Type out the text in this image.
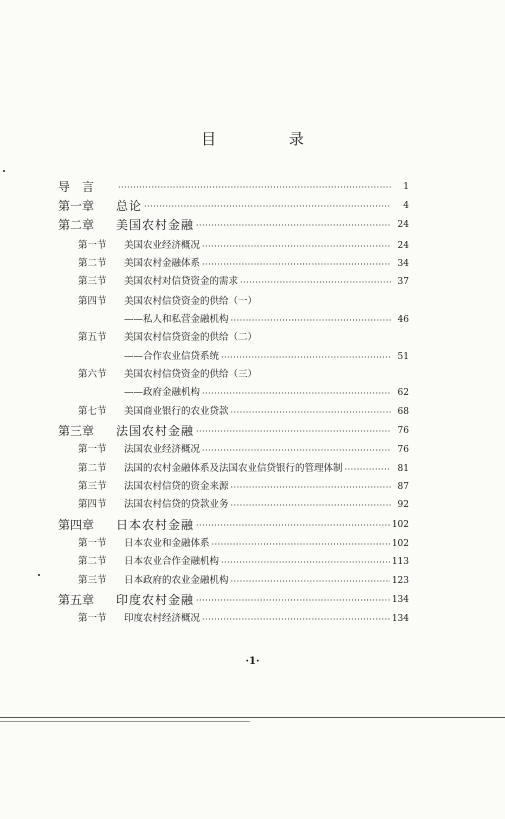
目 录
导　言 ·····	1
第一章	总论 ·····	4
第二章	美国农村金融 ·····	24
第一节	美国农业经济概况 ·····	24
第二节	美国农村金融体系 ·····	34
第三节	美国农村对信贷资金的需求 ·····	37
第四节	美国农村信贷资金的供给（一）
——私人和私营金融机构 ·····	46
第五节	美国农村信贷资金的供给（二）
——合作农业信贷系统 ·····	51
第六节	美国农村信贷资金的供给（三）
——政府金融机构 ·····	62
第七节	美国商业银行的农业贷款 ·····	68
第三章	法国农村金融 ·····	76
第一节	法国农业经济概况 ·····	76
第二节	法国的农村金融体系及法国农业信贷银行的管理体制 ·····	81
第三节	法国农村信贷的资金来源 ·····	87
第四节	法国农村信贷的贷款业务 ·····	92
第四章	日本农村金融 ·····	102
第一节	日本农业和金融体系 ·····	102
第二节	日本农业合作金融机构 ·····	113
第三节	日本政府的农业金融机构 ·····	123
第五章	印度农村金融 ·····	134
第一节	印度农村经济概况 ·····	134
·1·
